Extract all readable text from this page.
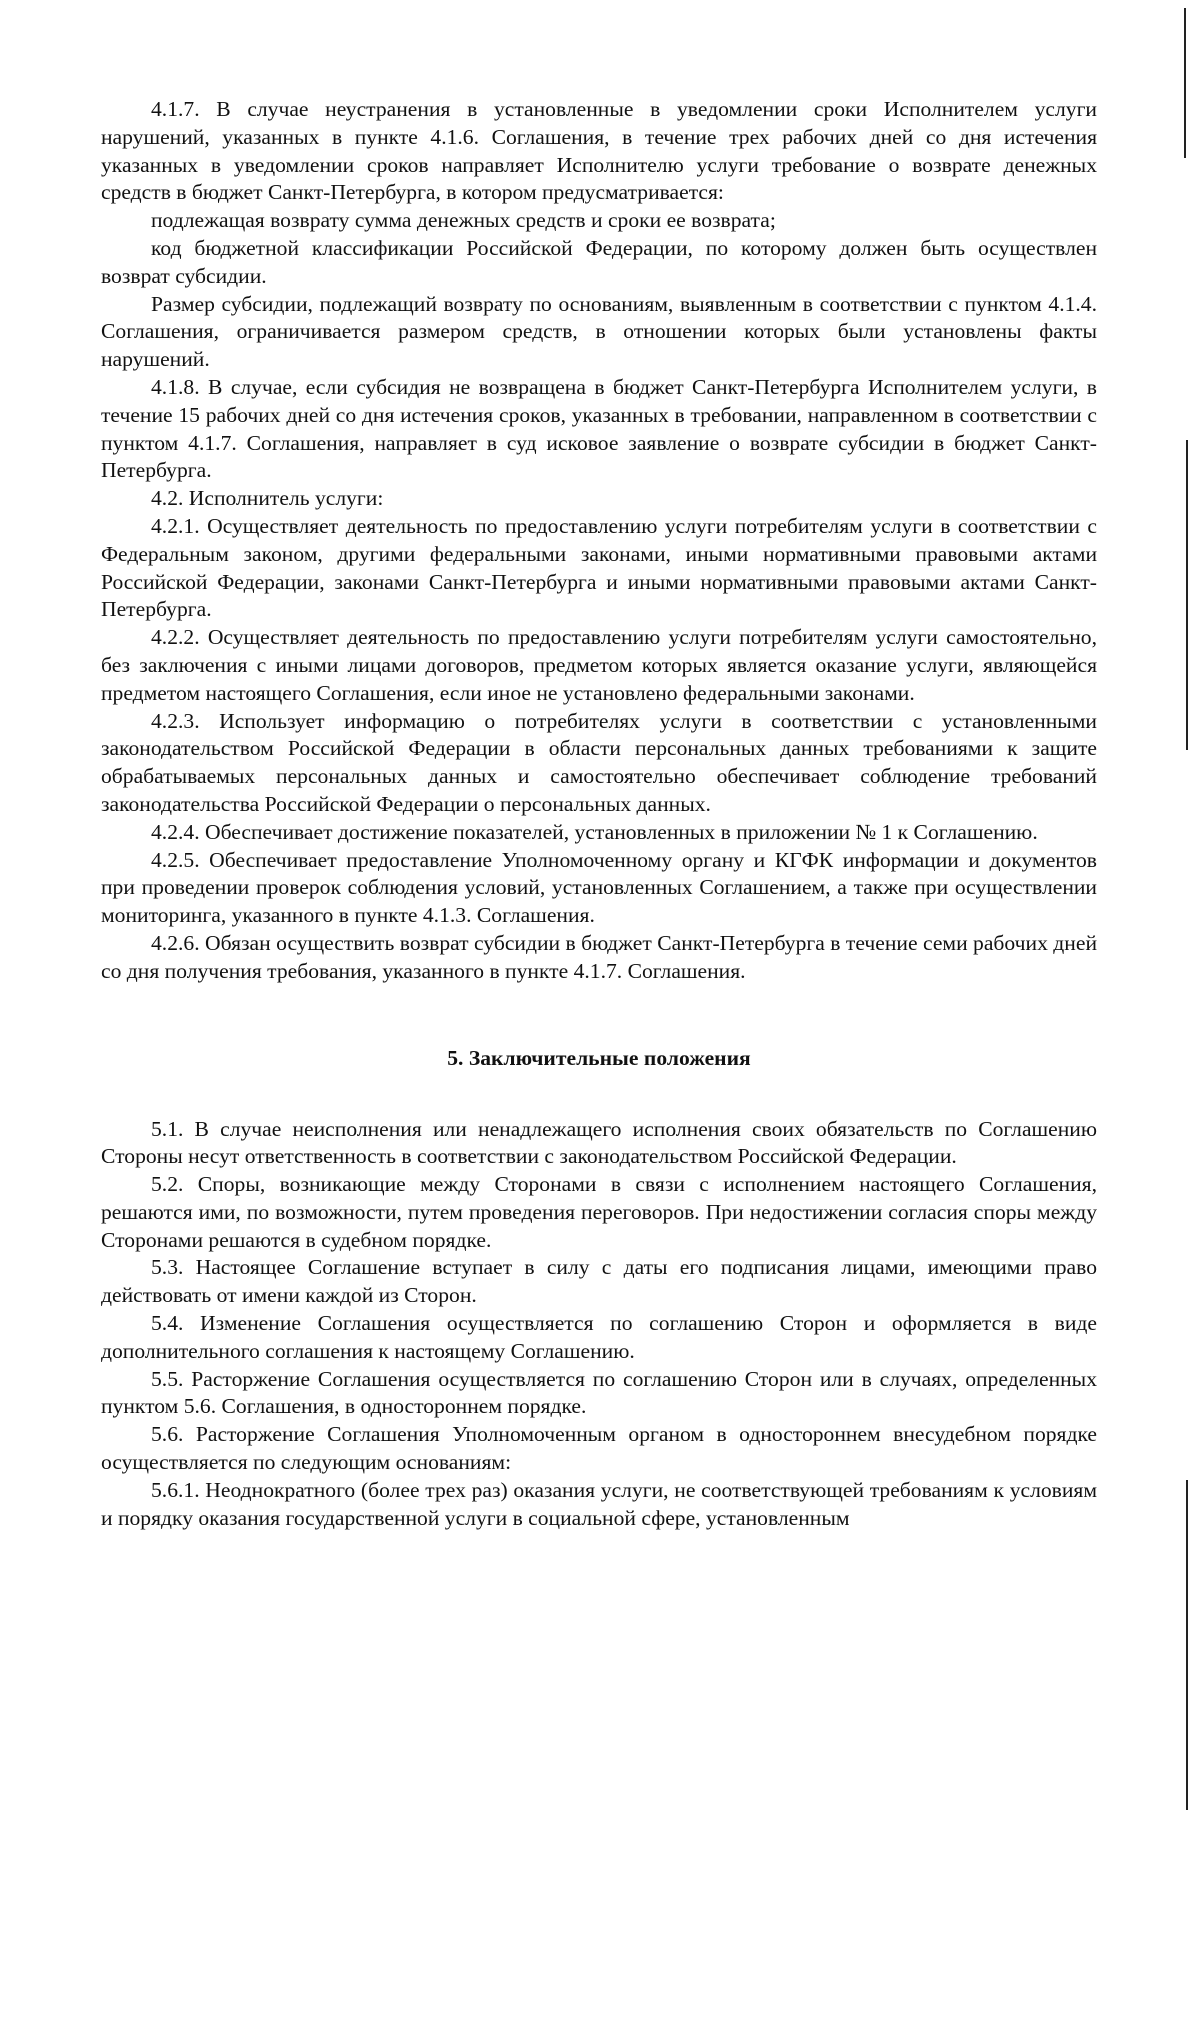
4.1.7. В случае неустранения в установленные в уведомлении сроки Исполнителем услуги нарушений, указанных в пункте 4.1.6. Соглашения, в течение трех рабочих дней со дня истечения указанных в уведомлении сроков направляет Исполнителю услуги требование о возврате денежных средств в бюджет Санкт-Петербурга, в котором предусматривается:

подлежащая возврату сумма денежных средств и сроки ее возврата;

код бюджетной классификации Российской Федерации, по которому должен быть осуществлен возврат субсидии.

Размер субсидии, подлежащий возврату по основаниям, выявленным в соответствии с пунктом 4.1.4. Соглашения, ограничивается размером средств, в отношении которых были установлены факты нарушений.

4.1.8. В случае, если субсидия не возвращена в бюджет Санкт-Петербурга Исполнителем услуги, в течение 15 рабочих дней со дня истечения сроков, указанных в требовании, направленном в соответствии с пунктом 4.1.7. Соглашения, направляет в суд исковое заявление о возврате субсидии в бюджет Санкт-Петербурга.

4.2. Исполнитель услуги:

4.2.1. Осуществляет деятельность по предоставлению услуги потребителям услуги в соответствии с Федеральным законом, другими федеральными законами, иными нормативными правовыми актами Российской Федерации, законами Санкт-Петербурга и иными нормативными правовыми актами Санкт-Петербурга.

4.2.2. Осуществляет деятельность по предоставлению услуги потребителям услуги самостоятельно, без заключения с иными лицами договоров, предметом которых является оказание услуги, являющейся предметом настоящего Соглашения, если иное не установлено федеральными законами.

4.2.3. Использует информацию о потребителях услуги в соответствии с установленными законодательством Российской Федерации в области персональных данных требованиями к защите обрабатываемых персональных данных и самостоятельно обеспечивает соблюдение требований законодательства Российской Федерации о персональных данных.

4.2.4. Обеспечивает достижение показателей, установленных в приложении № 1 к Соглашению.

4.2.5. Обеспечивает предоставление Уполномоченному органу и КГФК информации и документов при проведении проверок соблюдения условий, установленных Соглашением, а также при осуществлении мониторинга, указанного в пункте 4.1.3. Соглашения.

4.2.6. Обязан осуществить возврат субсидии в бюджет Санкт-Петербурга в течение семи рабочих дней со дня получения требования, указанного в пункте 4.1.7. Соглашения.

5. Заключительные положения

5.1. В случае неисполнения или ненадлежащего исполнения своих обязательств по Соглашению Стороны несут ответственность в соответствии с законодательством Российской Федерации.

5.2. Споры, возникающие между Сторонами в связи с исполнением настоящего Соглашения, решаются ими, по возможности, путем проведения переговоров. При недостижении согласия споры между Сторонами решаются в судебном порядке.

5.3. Настоящее Соглашение вступает в силу с даты его подписания лицами, имеющими право действовать от имени каждой из Сторон.

5.4. Изменение Соглашения осуществляется по соглашению Сторон и оформляется в виде дополнительного соглашения к настоящему Соглашению.

5.5. Расторжение Соглашения осуществляется по соглашению Сторон или в случаях, определенных пунктом 5.6. Соглашения, в одностороннем порядке.

5.6. Расторжение Соглашения Уполномоченным органом в одностороннем внесудебном порядке осуществляется по следующим основаниям:

5.6.1. Неоднократного (более трех раз) оказания услуги, не соответствующей требованиям к условиям и порядку оказания государственной услуги в социальной сфере, установленным
